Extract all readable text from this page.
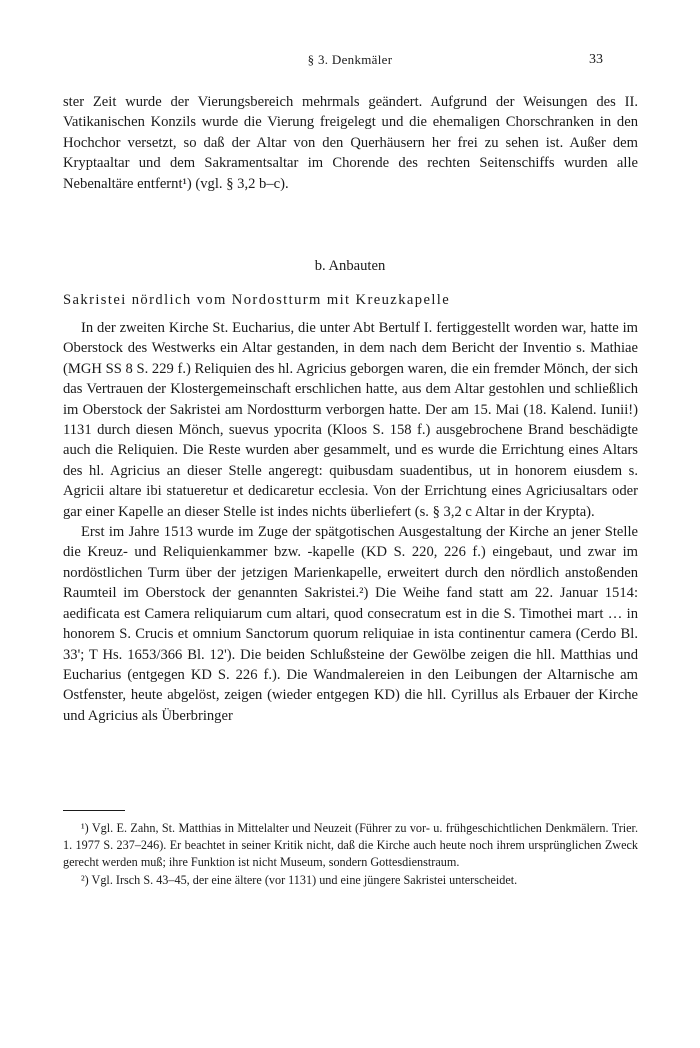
§ 3. Denkmäler	33

ster Zeit wurde der Vierungsbereich mehrmals geändert. Aufgrund der Weisungen des II. Vatikanischen Konzils wurde die Vierung freigelegt und die ehemaligen Chorschranken in den Hochchor versetzt, so daß der Altar von den Querhäusern her frei zu sehen ist. Außer dem Kryptaaltar und dem Sakramentsaltar im Chorende des rechten Seitenschiffs wurden alle Nebenaltäre entfernt¹) (vgl. § 3,2 b–c).

b. Anbauten
Sakristei nördlich vom Nordostturm mit Kreuzkapelle

In der zweiten Kirche St. Eucharius, die unter Abt Bertulf I. fertiggestellt worden war, hatte im Oberstock des Westwerks ein Altar gestanden, in dem nach dem Bericht der Inventio s. Mathiae (MGH SS 8 S. 229 f.) Reliquien des hl. Agricius geborgen waren, die ein fremder Mönch, der sich das Vertrauen der Klostergemeinschaft erschlichen hatte, aus dem Altar gestohlen und schließlich im Oberstock der Sakristei am Nordostturm verborgen hatte. Der am 15. Mai (18. Kalend. Iunii!) 1131 durch diesen Mönch, suevus ypocrita (Kloos S. 158 f.) ausgebrochene Brand beschädigte auch die Reliquien. Die Reste wurden aber gesammelt, und es wurde die Errichtung eines Altars des hl. Agricius an dieser Stelle angeregt: quibusdam suadentibus, ut in honorem eiusdem s. Agricii altare ibi statueretur et dedicaretur ecclesia. Von der Errichtung eines Agriciusaltars oder gar einer Kapelle an dieser Stelle ist indes nichts überliefert (s. § 3,2 c Altar in der Krypta).

Erst im Jahre 1513 wurde im Zuge der spätgotischen Ausgestaltung der Kirche an jener Stelle die Kreuz- und Reliquienkammer bzw. -kapelle (KD S. 220, 226 f.) eingebaut, und zwar im nordöstlichen Turm über der jetzigen Marienkapelle, erweitert durch den nördlich anstoßenden Raumteil im Oberstock der genannten Sakristei.²) Die Weihe fand statt am 22. Januar 1514: aedificata est Camera reliquiarum cum altari, quod consecratum est in die S. Timothei mart … in honorem S. Crucis et omnium Sanctorum quorum reliquiae in ista continentur camera (Cerdo Bl. 33'; T Hs. 1653/366 Bl. 12'). Die beiden Schlußsteine der Gewölbe zeigen die hll. Matthias und Eucharius (entgegen KD S. 226 f.). Die Wandmalereien in den Leibungen der Altarnische am Ostfenster, heute abgelöst, zeigen (wieder entgegen KD) die hll. Cyrillus als Erbauer der Kirche und Agricius als Überbringer

¹) Vgl. E. Zahn, St. Matthias in Mittelalter und Neuzeit (Führer zu vor- u. frühgeschichtlichen Denkmälern. Trier. 1. 1977 S. 237–246). Er beachtet in seiner Kritik nicht, daß die Kirche auch heute noch ihrem ursprünglichen Zweck gerecht werden muß; ihre Funktion ist nicht Museum, sondern Gottesdienstraum.

²) Vgl. Irsch S. 43–45, der eine ältere (vor 1131) und eine jüngere Sakristei unterscheidet.
